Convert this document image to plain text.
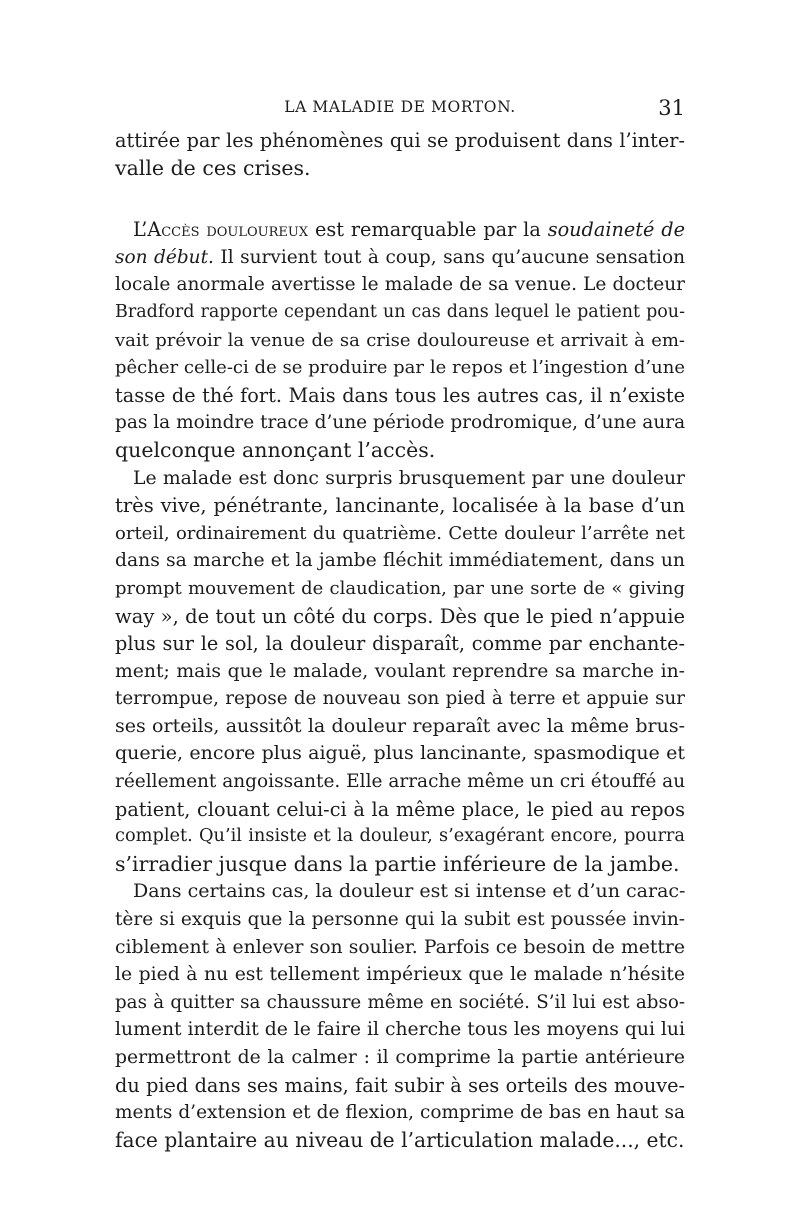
LA MALADIE DE MORTON.	31
attirée par les phénomènes qui se produisent dans l’inter-
valle de ces crises.
L’Accès douloureux est remarquable par la soudaineté de
son début. Il survient tout à coup, sans qu’aucune sensation
locale anormale avertisse le malade de sa venue. Le docteur
Bradford rapporte cependant un cas dans lequel le patient pou-
vait prévoir la venue de sa crise douloureuse et arrivait à em-
pêcher celle-ci de se produire par le repos et l’ingestion d’une
tasse de thé fort. Mais dans tous les autres cas, il n’existe
pas la moindre trace d’une période prodromique, d’une aura
quelconque annonçant l’accès.
Le malade est donc surpris brusquement par une douleur
très vive, pénétrante, lancinante, localisée à la base d’un
orteil, ordinairement du quatrième. Cette douleur l’arrête net
dans sa marche et la jambe fléchit immédiatement, dans un
prompt mouvement de claudication, par une sorte de « giving
way », de tout un côté du corps. Dès que le pied n’appuie
plus sur le sol, la douleur disparaît, comme par enchante-
ment; mais que le malade, voulant reprendre sa marche in-
terrompue, repose de nouveau son pied à terre et appuie sur
ses orteils, aussitôt la douleur reparaît avec la même brus-
querie, encore plus aiguë, plus lancinante, spasmodique et
réellement angoissante. Elle arrache même un cri étouffé au
patient, clouant celui-ci à la même place, le pied au repos
complet. Qu’il insiste et la douleur, s’exagérant encore, pourra
s’irradier jusque dans la partie inférieure de la jambe.
Dans certains cas, la douleur est si intense et d’un carac-
tère si exquis que la personne qui la subit est poussée invin-
ciblement à enlever son soulier. Parfois ce besoin de mettre
le pied à nu est tellement impérieux que le malade n’hésite
pas à quitter sa chaussure même en société. S’il lui est abso-
lument interdit de le faire il cherche tous les moyens qui lui
permettront de la calmer : il comprime la partie antérieure
du pied dans ses mains, fait subir à ses orteils des mouve-
ments d’extension et de flexion, comprime de bas en haut sa
face plantaire au niveau de l’articulation malade..., etc.
